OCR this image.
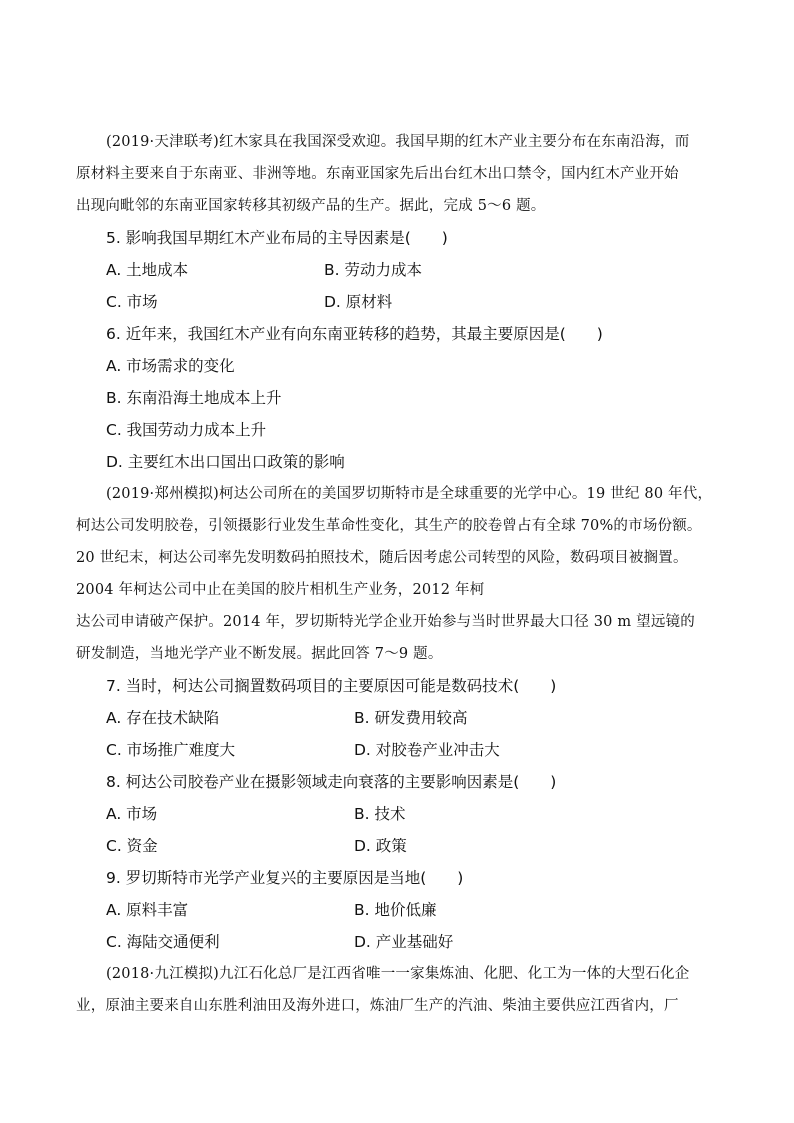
(2019·天津联考)红木家具在我国深受欢迎。我国早期的红木产业主要分布在东南沿海，而
原材料主要来自于东南亚、非洲等地。东南亚国家先后出台红木出口禁令，国内红木产业开始
出现向毗邻的东南亚国家转移其初级产品的生产。据此，完成 5～6 题。
5. 影响我国早期红木产业布局的主导因素是(　　)
A. 土地成本	B. 劳动力成本
C. 市场	D. 原材料
6. 近年来，我国红木产业有向东南亚转移的趋势，其最主要原因是(　　)
A. 市场需求的变化
B. 东南沿海土地成本上升
C. 我国劳动力成本上升
D. 主要红木出口国出口政策的影响
(2019·郑州模拟)柯达公司所在的美国罗切斯特市是全球重要的光学中心。19 世纪 80 年代，
柯达公司发明胶卷，引领摄影行业发生革命性变化，其生产的胶卷曾占有全球 70%的市场份额。
20 世纪末，柯达公司率先发明数码拍照技术，随后因考虑公司转型的风险，数码项目被搁置。
2004 年柯达公司中止在美国的胶片相机生产业务，2012 年柯
达公司申请破产保护。2014 年，罗切斯特光学企业开始参与当时世界最大口径 30 m 望远镜的
研发制造，当地光学产业不断发展。据此回答 7～9 题。
7. 当时，柯达公司搁置数码项目的主要原因可能是数码技术(　　)
A. 存在技术缺陷	B. 研发费用较高
C. 市场推广难度大	D. 对胶卷产业冲击大
8. 柯达公司胶卷产业在摄影领域走向衰落的主要影响因素是(　　)
A. 市场	B. 技术
C. 资金	D. 政策
9. 罗切斯特市光学产业复兴的主要原因是当地(　　)
A. 原料丰富	B. 地价低廉
C. 海陆交通便利	D. 产业基础好
(2018·九江模拟)九江石化总厂是江西省唯一一家集炼油、化肥、化工为一体的大型石化企
业，原油主要来自山东胜利油田及海外进口，炼油厂生产的汽油、柴油主要供应江西省内，厂
